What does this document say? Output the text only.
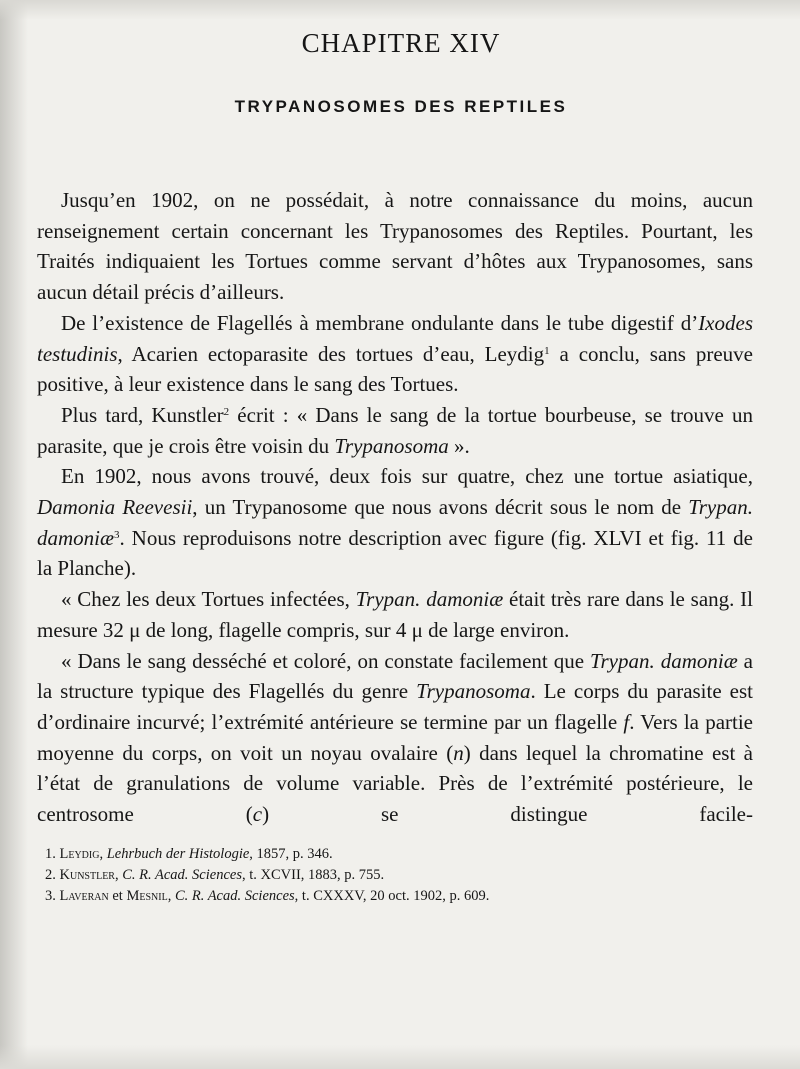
CHAPITRE XIV
TRYPANOSOMES DES REPTILES

Jusqu’en 1902, on ne possédait, à notre connaissance du moins, aucun renseignement certain concernant les Trypanosomes des Reptiles. Pourtant, les Traités indiquaient les Tortues comme servant d’hôtes aux Trypanosomes, sans aucun détail précis d’ailleurs.

De l’existence de Flagellés à membrane ondulante dans le tube digestif d’Ixodes testudinis, Acarien ectoparasite des tortues d’eau, Leydig$^1$ a conclu, sans preuve positive, à leur existence dans le sang des Tortues.

Plus tard, Kunstler$^2$ écrit : « Dans le sang de la tortue bourbeuse, se trouve un parasite, que je crois être voisin du Trypanosoma ».

En 1902, nous avons trouvé, deux fois sur quatre, chez une tortue asiatique, Damonia Reevesii, un Trypanosome que nous avons décrit sous le nom de Trypan. damoniæ$^3$. Nous reproduisons notre description avec figure (fig. XLVI et fig. 11 de la Planche).

« Chez les deux Tortues infectées, Trypan. damoniæ était très rare dans le sang. Il mesure 32 μ de long, flagelle compris, sur 4 μ de large environ.

« Dans le sang desséché et coloré, on constate facilement que Trypan. damoniæ a la structure typique des Flagellés du genre Trypanosoma. Le corps du parasite est d’ordinaire incurvé; l’extrémité antérieure se termine par un flagelle f. Vers la partie moyenne du corps, on voit un noyau ovalaire (n) dans lequel la chromatine est à l’état de granulations de volume variable. Près de l’extrémité postérieure, le centrosome (c) se distingue facile-

1. Leydig, Lehrbuch der Histologie, 1857, p. 346.
2. Kunstler, C. R. Acad. Sciences, t. XCVII, 1883, p. 755.
3. Laveran et Mesnil, C. R. Acad. Sciences, t. CXXXV, 20 oct. 1902, p. 609.
